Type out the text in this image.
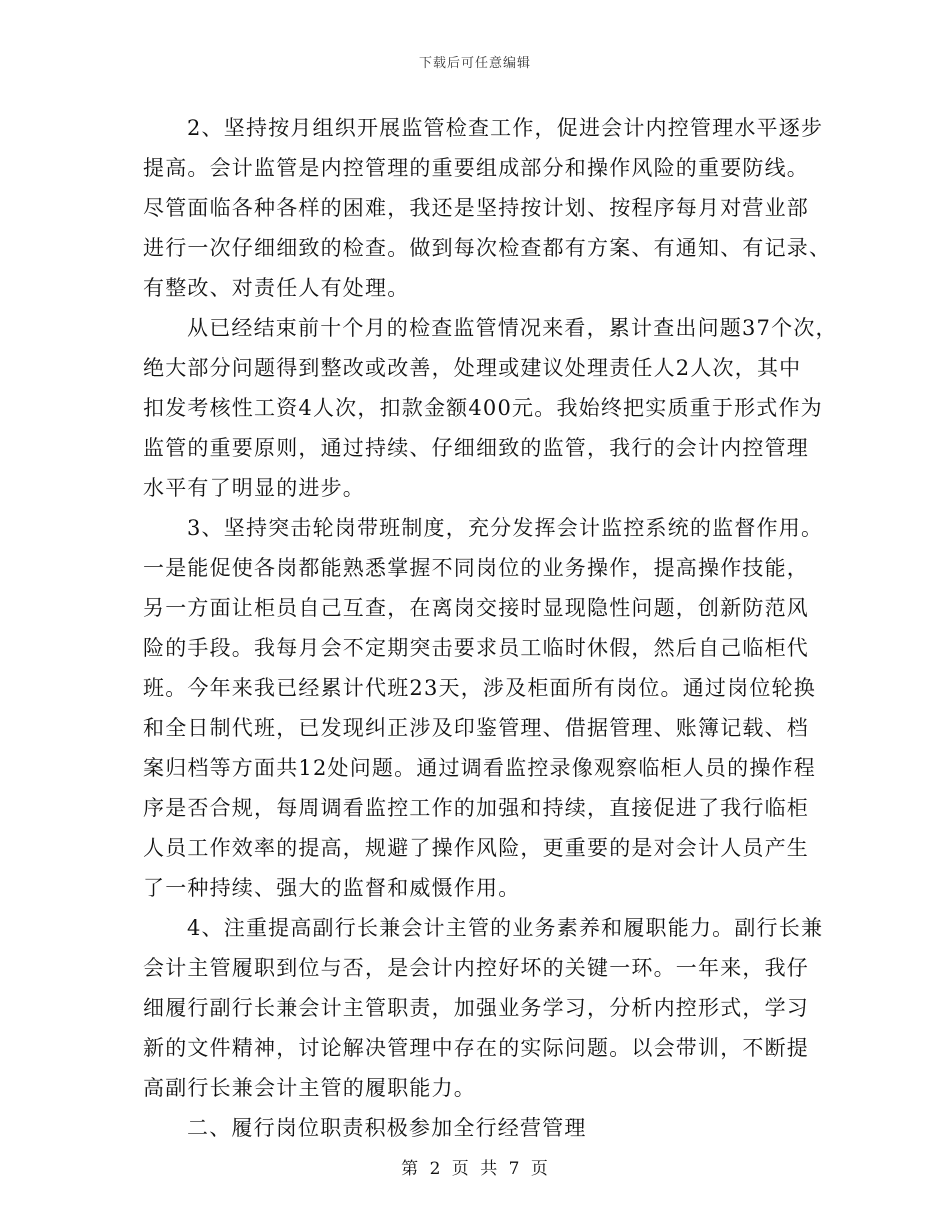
下载后可任意编辑
2、坚持按月组织开展监管检查工作，促进会计内控管理水平逐步
提高。会计监管是内控管理的重要组成部分和操作风险的重要防线。
尽管面临各种各样的困难，我还是坚持按计划、按程序每月对营业部
进行一次仔细细致的检查。做到每次检查都有方案、有通知、有记录、
有整改、对责任人有处理。
从已经结束前十个月的检查监管情况来看，累计查出问题37个次，
绝大部分问题得到整改或改善，处理或建议处理责任人2人次，其中
扣发考核性工资4人次，扣款金额400元。我始终把实质重于形式作为
监管的重要原则，通过持续、仔细细致的监管，我行的会计内控管理
水平有了明显的进步。
3、坚持突击轮岗带班制度，充分发挥会计监控系统的监督作用。
一是能促使各岗都能熟悉掌握不同岗位的业务操作，提高操作技能，
另一方面让柜员自己互查，在离岗交接时显现隐性问题，创新防范风
险的手段。我每月会不定期突击要求员工临时休假，然后自己临柜代
班。今年来我已经累计代班23天，涉及柜面所有岗位。通过岗位轮换
和全日制代班，已发现纠正涉及印鉴管理、借据管理、账簿记载、档
案归档等方面共12处问题。通过调看监控录像观察临柜人员的操作程
序是否合规，每周调看监控工作的加强和持续，直接促进了我行临柜
人员工作效率的提高，规避了操作风险，更重要的是对会计人员产生
了一种持续、强大的监督和威慑作用。
4、注重提高副行长兼会计主管的业务素养和履职能力。副行长兼
会计主管履职到位与否，是会计内控好坏的关键一环。一年来，我仔
细履行副行长兼会计主管职责，加强业务学习，分析内控形式，学习
新的文件精神，讨论解决管理中存在的实际问题。以会带训，不断提
高副行长兼会计主管的履职能力。
二、履行岗位职责积极参加全行经营管理
第 2 页 共 7 页
